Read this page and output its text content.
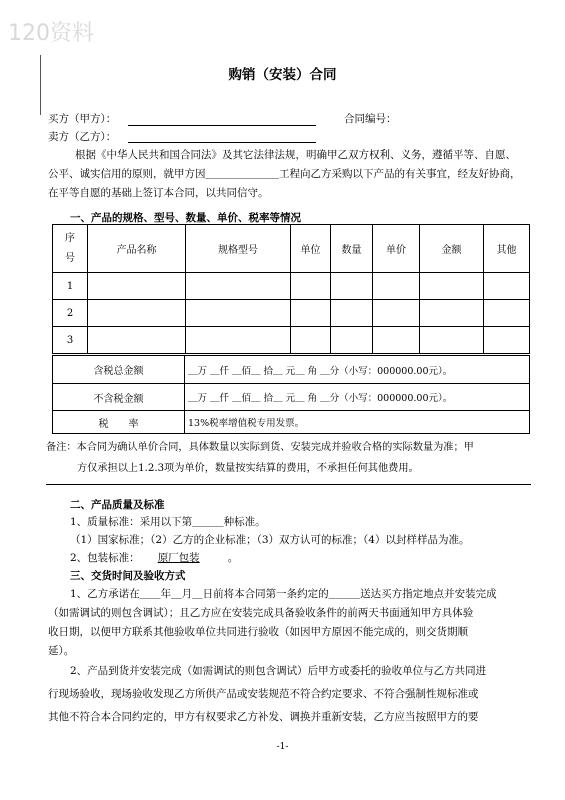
120资料
购销（安装）合同
买方（甲方）：	合同编号：
卖方（乙方）：
根据《中华人民共和国合同法》及其它法律法规，明确甲乙双方权利、义务，遵循平等、自愿、公平、诚实信用的原则，就甲方因＿＿＿＿＿＿＿工程向乙方采购以下产品的有关事宜，经友好协商，在平等自愿的基础上签订本合同，以共同信守。
一、产品的规格、型号、数量、单价、税率等情况
序号	产品名称	规格型号	单位	数量	单价	金额	其他
1							
2							
3							
含税总金额	＿万 ＿仟 ＿佰＿ 拾＿ 元＿ 角 ＿分（小写：000000.00元）。
不含税金额	＿万 ＿仟 ＿佰＿ 拾＿ 元＿ 角 ＿分（小写：000000.00元）。
税　　率	13%税率增值税专用发票。
备注：本合同为确认单价合同，具体数量以实际到货、安装完成并验收合格的实际数量为准；甲
方仅承担以上1.2.3项为单价，数量按实结算的费用，不承担任何其他费用。
二、产品质量及标准
1、质量标准：采用以下第＿＿＿种标准。
（1）国家标准；（2）乙方的企业标准；（3）双方认可的标准；（4）以封样样品为准。
2、包装标准： 原厂包装	。
三、交货时间及验收方式
1、乙方承诺在＿＿年＿月＿日前将本合同第一条约定的＿＿＿送达买方指定地点并安装完成
（如需调试的则包含调试）；且乙方应在安装完成具备验收条件的前两天书面通知甲方具体验
收日期，以便甲方联系其他验收单位共同进行验收（如因甲方原因不能完成的，则交货期顺
延）。
2、产品到货并安装完成（如需调试的则包含调试）后甲方或委托的验收单位与乙方共同进
行现场验收，现场验收发现乙方所供产品或安装规范不符合约定要求、不符合强制性规标准或
其他不符合本合同约定的，甲方有权要求乙方补发、调换并重新安装，乙方应当按照甲方的要
-1-
